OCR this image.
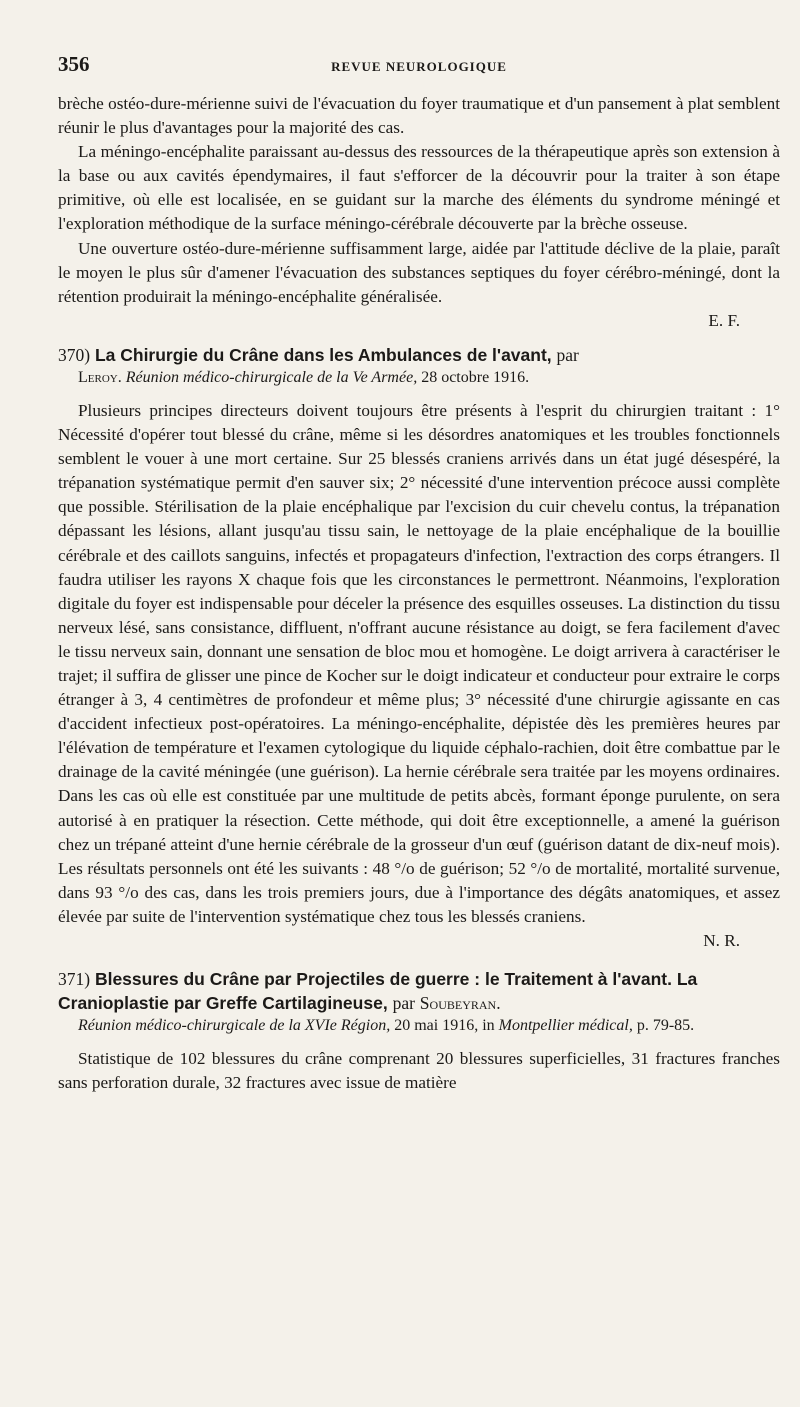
356	REVUE NEUROLOGIQUE

brèche ostéo-dure-mérienne suivi de l'évacuation du foyer traumatique et d'un pansement à plat semblent réunir le plus d'avantages pour la majorité des cas.

La méningo-encéphalite paraissant au-dessus des ressources de la thérapeutique après son extension à la base ou aux cavités épendymaires, il faut s'efforcer de la découvrir pour la traiter à son étape primitive, où elle est localisée, en se guidant sur la marche des éléments du syndrome méningé et l'exploration méthodique de la surface méningo-cérébrale découverte par la brèche osseuse.

Une ouverture ostéo-dure-mérienne suffisamment large, aidée par l'attitude déclive de la plaie, paraît le moyen le plus sûr d'amener l'évacuation des substances septiques du foyer cérébro-méningé, dont la rétention produirait la méningo-encéphalite généralisée.

E. F.

370) La Chirurgie du Crâne dans les Ambulances de l'avant, par

Leroy. Réunion médico-chirurgicale de la Ve Armée, 28 octobre 1916.

Plusieurs principes directeurs doivent toujours être présents à l'esprit du chirurgien traitant : 1° Nécessité d'opérer tout blessé du crâne, même si les désordres anatomiques et les troubles fonctionnels semblent le vouer à une mort certaine. Sur 25 blessés craniens arrivés dans un état jugé désespéré, la trépanation systématique permit d'en sauver six; 2° nécessité d'une intervention précoce aussi complète que possible. Stérilisation de la plaie encéphalique par l'excision du cuir chevelu contus, la trépanation dépassant les lésions, allant jusqu'au tissu sain, le nettoyage de la plaie encéphalique de la bouillie cérébrale et des caillots sanguins, infectés et propagateurs d'infection, l'extraction des corps étrangers. Il faudra utiliser les rayons X chaque fois que les circonstances le permettront. Néanmoins, l'exploration digitale du foyer est indispensable pour déceler la présence des esquilles osseuses. La distinction du tissu nerveux lésé, sans consistance, diffluent, n'offrant aucune résistance au doigt, se fera facilement d'avec le tissu nerveux sain, donnant une sensation de bloc mou et homogène. Le doigt arrivera à caractériser le trajet; il suffira de glisser une pince de Kocher sur le doigt indicateur et conducteur pour extraire le corps étranger à 3, 4 centimètres de profondeur et même plus; 3° nécessité d'une chirurgie agissante en cas d'accident infectieux post-opératoires. La méningo-encéphalite, dépistée dès les premières heures par l'élévation de température et l'examen cytologique du liquide céphalo-rachien, doit être combattue par le drainage de la cavité méningée (une guérison). La hernie cérébrale sera traitée par les moyens ordinaires. Dans les cas où elle est constituée par une multitude de petits abcès, formant éponge purulente, on sera autorisé à en pratiquer la résection. Cette méthode, qui doit être exceptionnelle, a amené la guérison chez un trépané atteint d'une hernie cérébrale de la grosseur d'un œuf (guérison datant de dix-neuf mois). Les résultats personnels ont été les suivants : 48 °/o de guérison; 52 °/o de mortalité, mortalité survenue, dans 93 °/o des cas, dans les trois premiers jours, due à l'importance des dégâts anatomiques, et assez élevée par suite de l'intervention systématique chez tous les blessés craniens.

N. R.

371) Blessures du Crâne par Projectiles de guerre : le Traitement à l'avant. La Cranioplastie par Greffe Cartilagineuse, par Soubeyran.

Réunion médico-chirurgicale de la XVIe Région, 20 mai 1916, in Montpellier médical, p. 79-85.

Statistique de 102 blessures du crâne comprenant 20 blessures superficielles, 31 fractures franches sans perforation durale, 32 fractures avec issue de matière
